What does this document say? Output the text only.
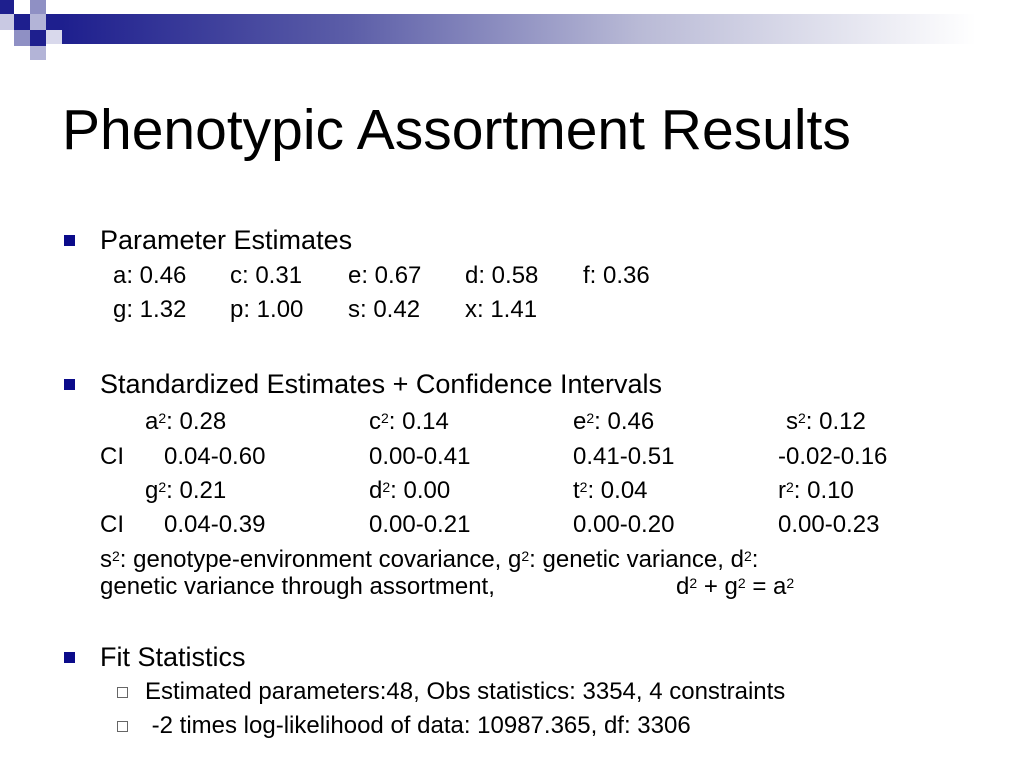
Phenotypic Assortment Results
Parameter Estimates
a: 0.46 c: 0.31 e: 0.67 d: 0.58 f: 0.36
g: 1.32 p: 1.00 s: 0.42 x: 1.41
Standardized Estimates + Confidence Intervals
$a^2$: 0.28	$c^2$: 0.14	$e^2$: 0.46	$s^2$: 0.12
CI 0.04-0.60	0.00-0.41	0.41-0.51	-0.02-0.16
$g^2$: 0.21	$d^2$: 0.00	$t^2$: 0.04	$r^2$: 0.10
CI 0.04-0.39	0.00-0.21	0.00-0.20	0.00-0.23
$s^2$: genotype-environment covariance, $g^2$: genetic variance, $d^2$:
genetic variance through assortment,	$d^2 + g^2 = a^2$
Fit Statistics
Estimated parameters:48, Obs statistics: 3354, 4 constraints
-2 times log-likelihood of data: 10987.365, df: 3306
